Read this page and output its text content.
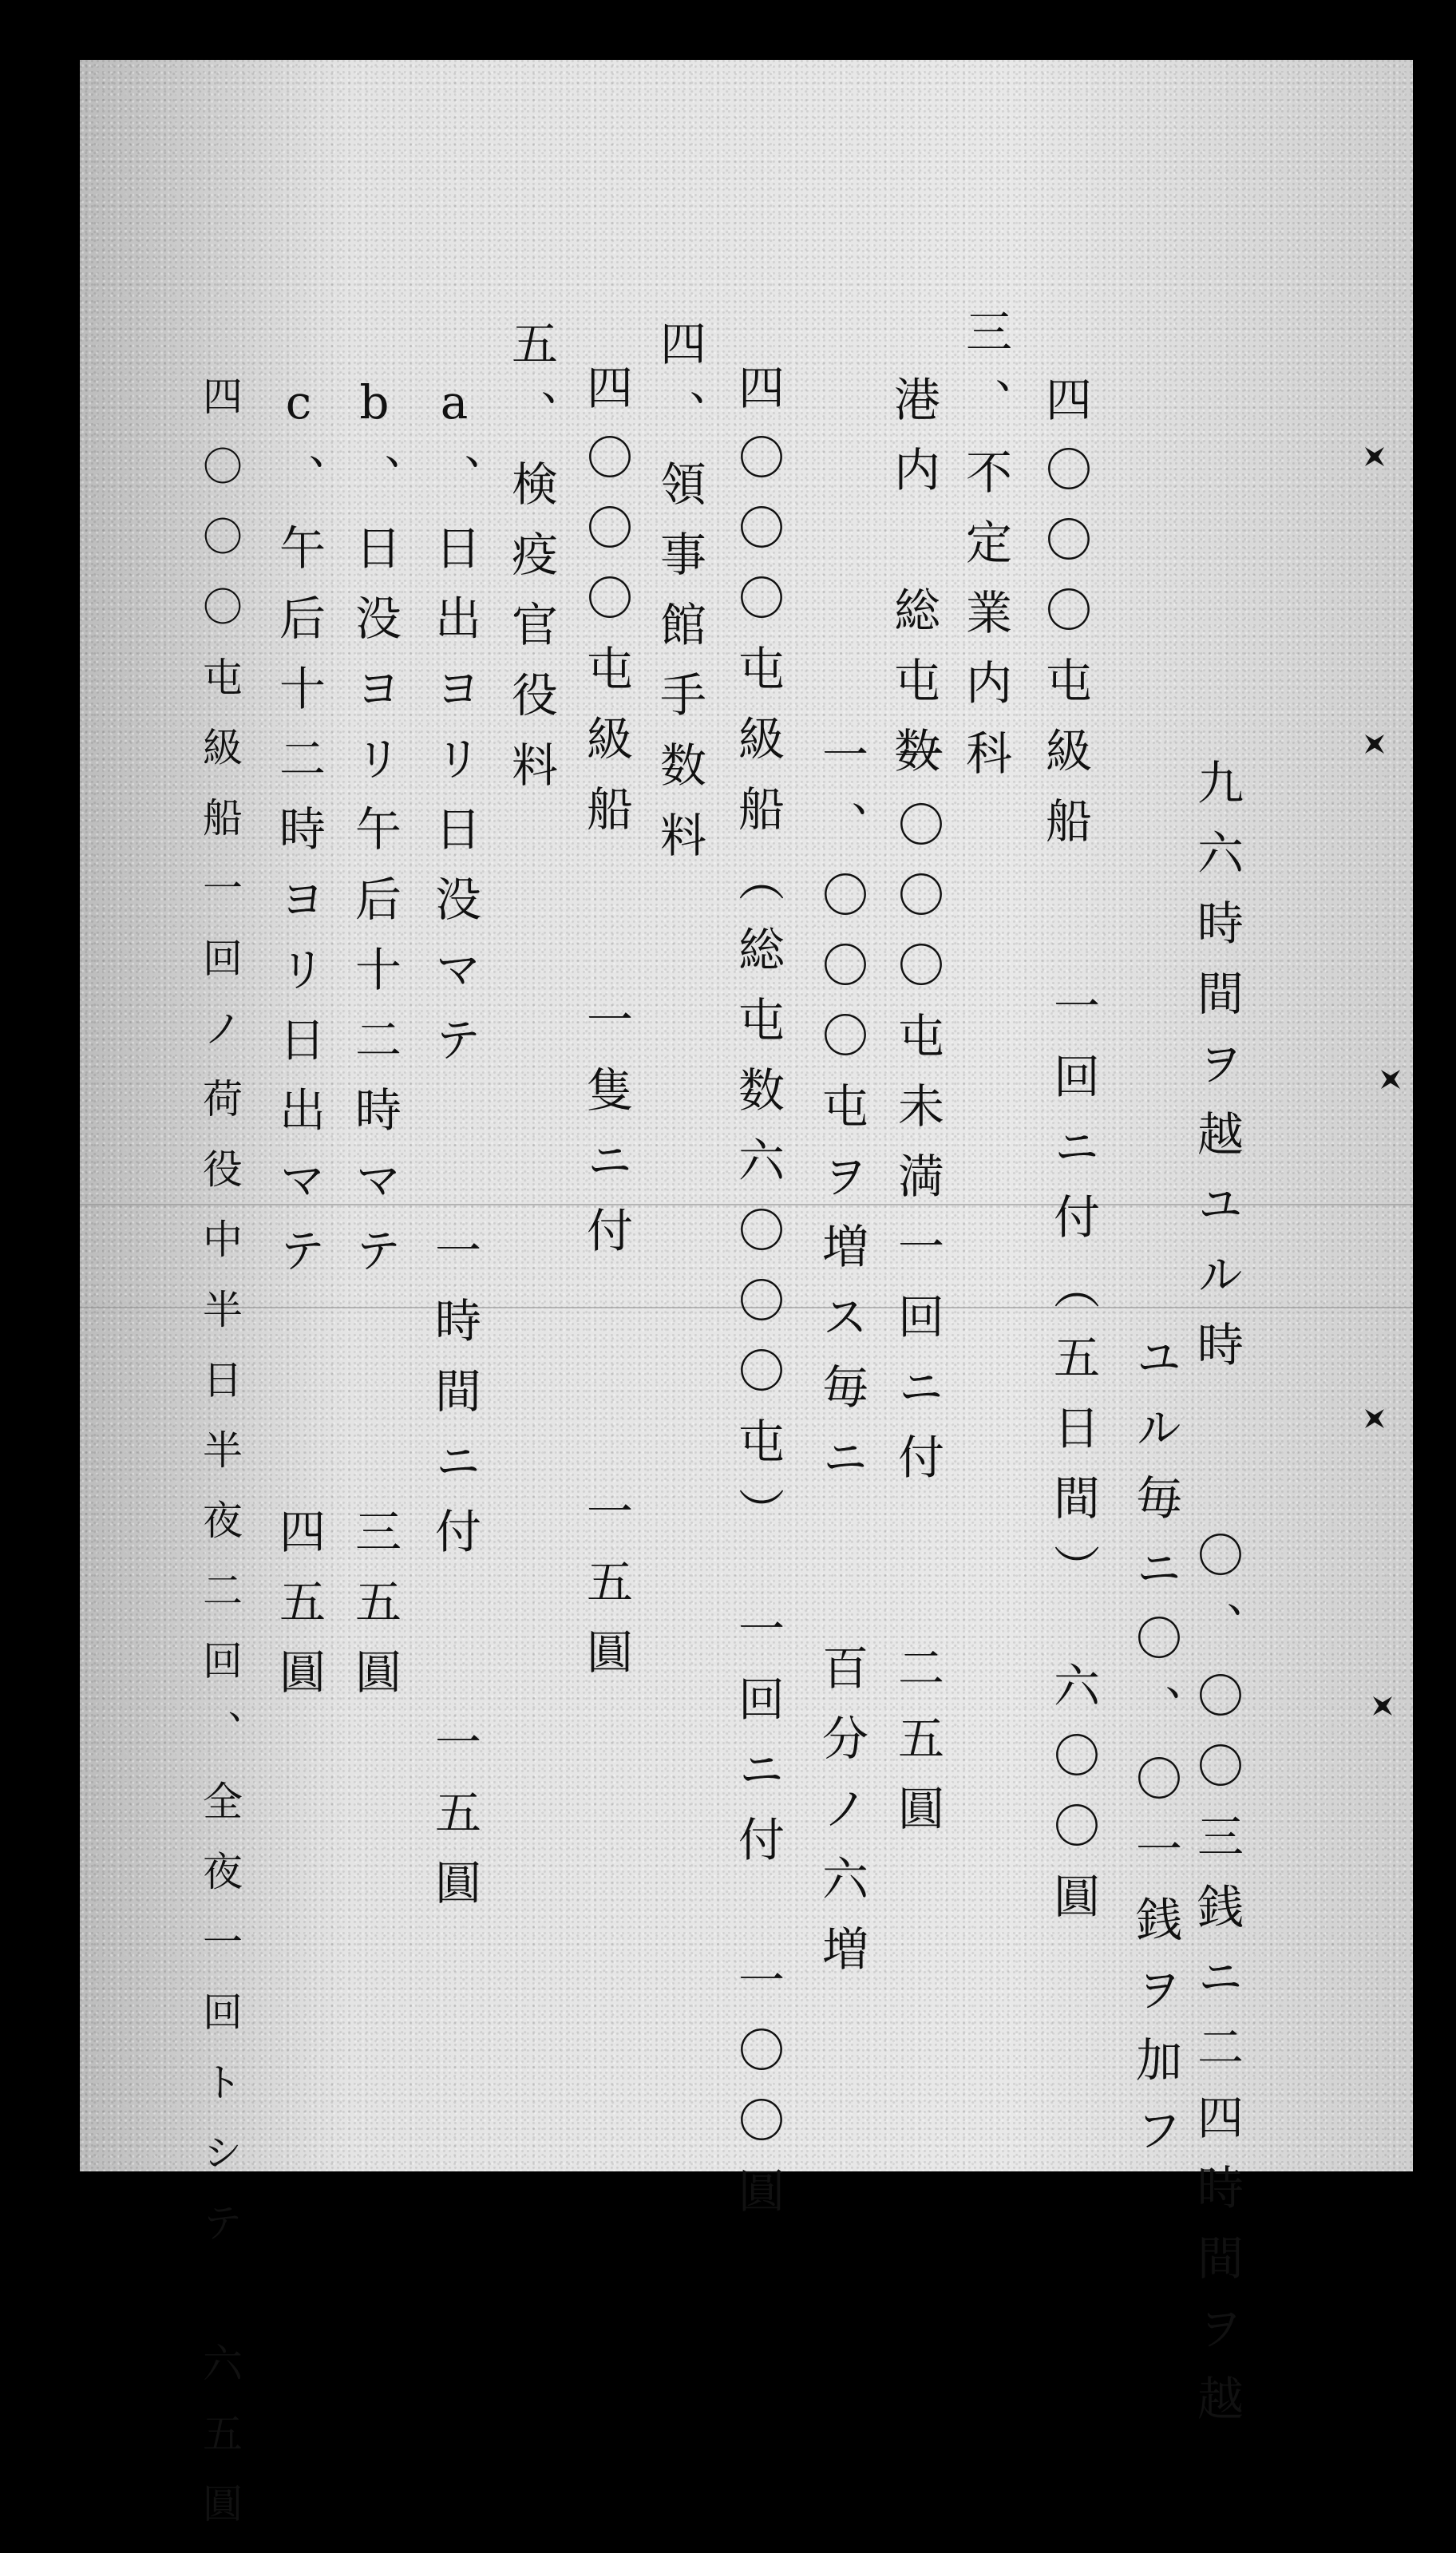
九六時間ヲ越ユル時　　〇、〇〇三銭ニ二四時間ヲ越
ユル毎ニ〇、〇一銭ヲ加フ
一回ニ付（五日間）　六〇〇圓
四〇〇〇屯級船
三、不定業内科
港内　総屯数
一〇〇〇屯未満一回ニ付　　二五圓
一、〇〇〇屯ヲ増ス毎ニ　　百分ノ六増
四〇〇〇屯級船（総屯数六〇〇〇屯）　一回ニ付　一〇〇圓
四、領事館手数料
四〇〇〇屯級船　　一隻ニ付　　　一五圓
五、検疫官役料
a、日出ヨリ日没マテ　　一時間ニ付　　一五圓
b、日没ヨリ午后十二時マテ　　　三五圓
c、午后十二時ヨリ日出マテ　　　四五圓
四〇〇〇屯級船一回ノ荷役中半日半夜二回、全夜一回トシテ　六五圓
